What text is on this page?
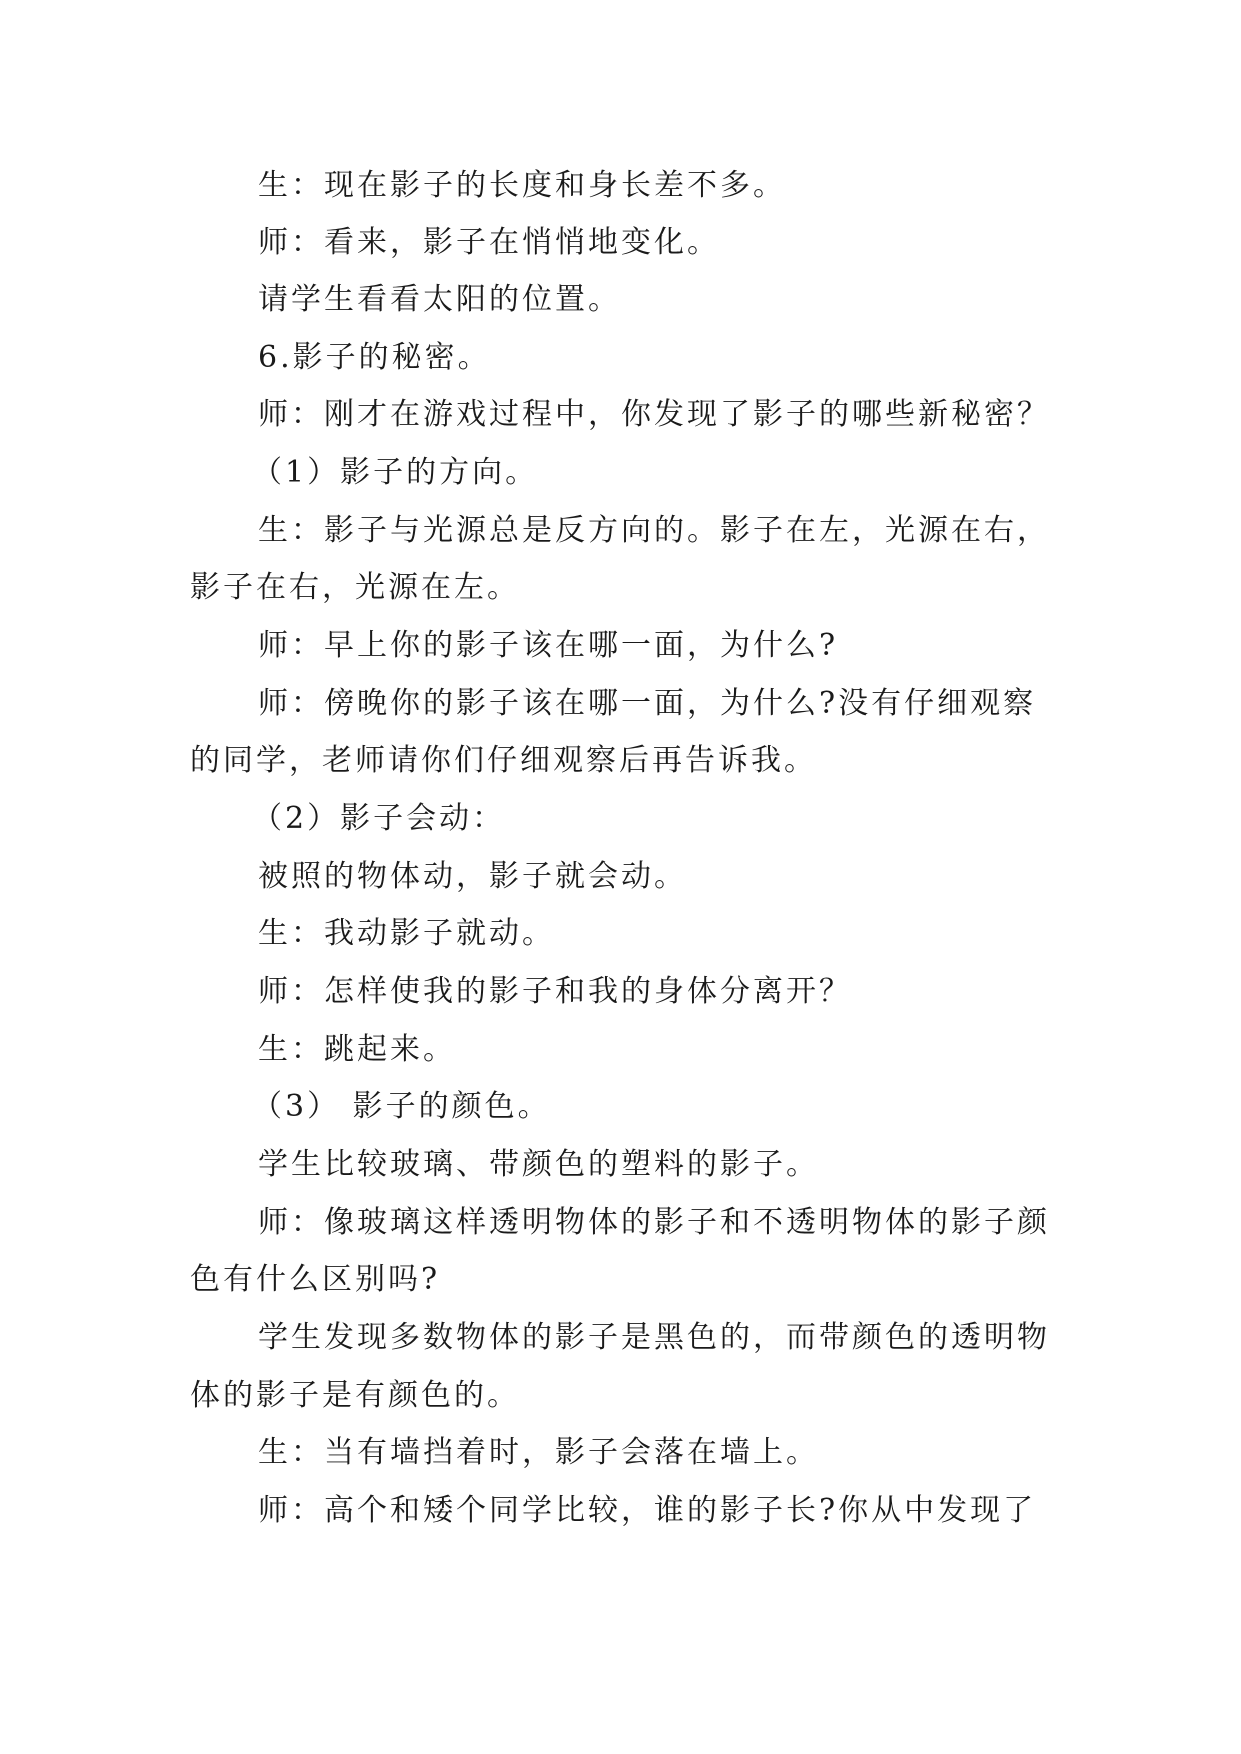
生：现在影子的长度和身长差不多。
师：看来，影子在悄悄地变化。
请学生看看太阳的位置。
6.影子的秘密。
师：刚才在游戏过程中，你发现了影子的哪些新秘密？
（1）影子的方向。
生：影子与光源总是反方向的。影子在左，光源在右，
影子在右，光源在左。
师：早上你的影子该在哪一面，为什么?
师：傍晚你的影子该在哪一面，为什么?没有仔细观察
的同学，老师请你们仔细观察后再告诉我。
（2）影子会动：
被照的物体动，影子就会动。
生：我动影子就动。
师：怎样使我的影子和我的身体分离开？
生：跳起来。
（3） 影子的颜色。
学生比较玻璃、带颜色的塑料的影子。
师：像玻璃这样透明物体的影子和不透明物体的影子颜
色有什么区别吗?
学生发现多数物体的影子是黑色的，而带颜色的透明物
体的影子是有颜色的。
生：当有墙挡着时，影子会落在墙上。
师：高个和矮个同学比较，谁的影子长?你从中发现了
